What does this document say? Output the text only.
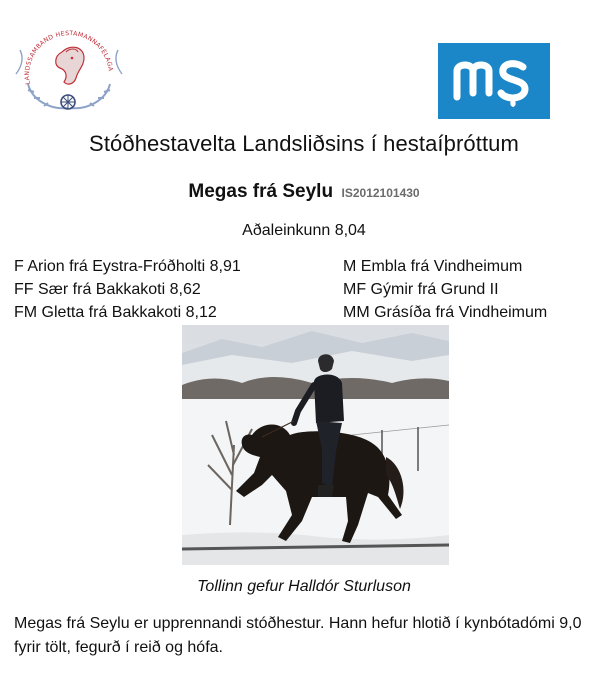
LANDSSAMBAND HESTAMANNAFÉLAGA
Stóðhestavelta Landsliðsins í hestaíþróttum
Megas frá Seylu IS2012101430
Aðaleinkunn 8,04
F Arion frá Eystra-Fróðholti 8,91
FF Sær frá Bakkakoti 8,62
FM Gletta frá Bakkakoti 8,12
M Embla frá Vindheimum
MF Gýmir frá Grund II
MM Grásíða frá Vindheimum
Tollinn gefur Halldór Sturluson
Megas frá Seylu er upprennandi stóðhestur. Hann hefur hlotið í kynbótadómi 9,0 fyrir tölt, fegurð í reið og hófa.
